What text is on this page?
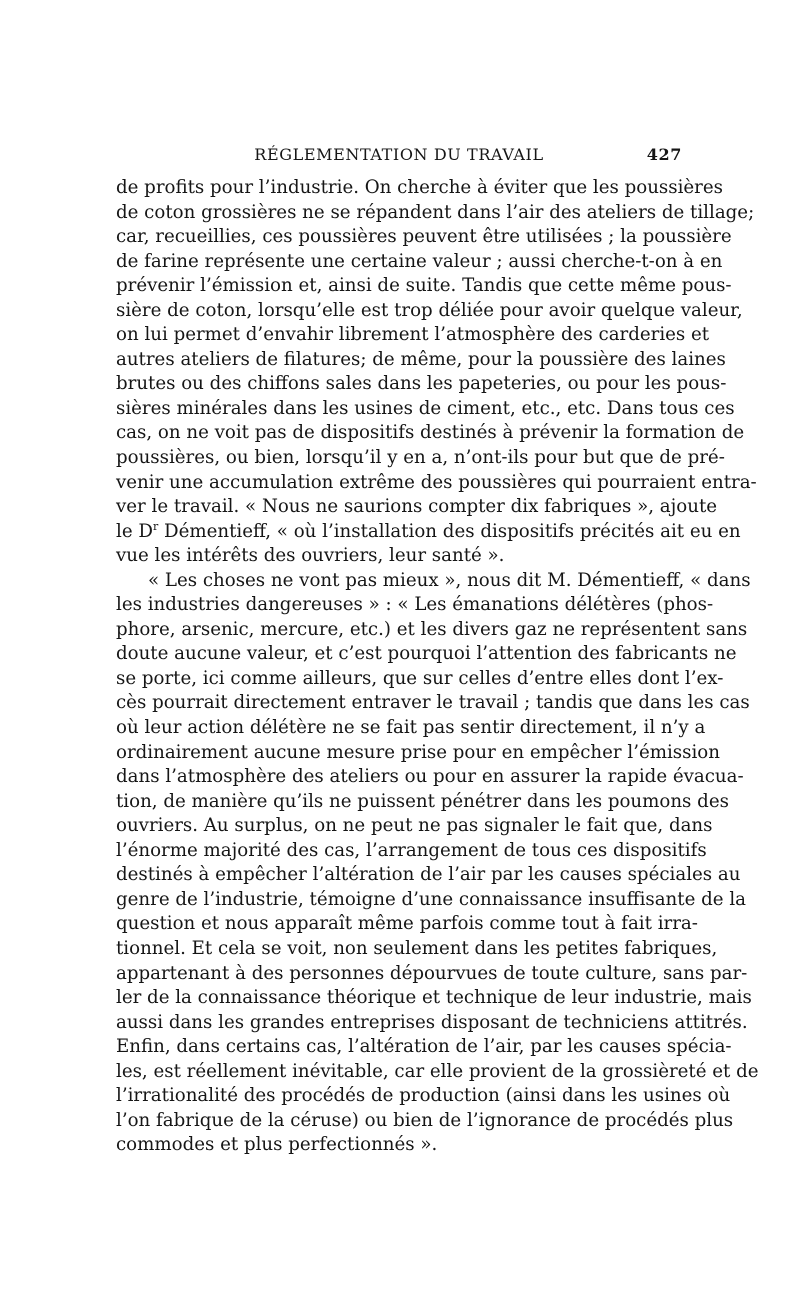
RÉGLEMENTATION DU TRAVAIL	427

de profits pour l’industrie. On cherche à éviter que les poussières
de coton grossières ne se répandent dans l’air des ateliers de tillage;
car, recueillies, ces poussières peuvent être utilisées ; la poussière
de farine représente une certaine valeur ; aussi cherche-t-on à en
prévenir l’émission et, ainsi de suite. Tandis que cette même pous-
sière de coton, lorsqu’elle est trop déliée pour avoir quelque valeur,
on lui permet d’envahir librement l’atmosphère des carderies et
autres ateliers de filatures; de même, pour la poussière des laines
brutes ou des chiffons sales dans les papeteries, ou pour les pous-
sières minérales dans les usines de ciment, etc., etc. Dans tous ces
cas, on ne voit pas de dispositifs destinés à prévenir la formation de
poussières, ou bien, lorsqu’il y en a, n’ont-ils pour but que de pré-
venir une accumulation extrême des poussières qui pourraient entra-
ver le travail. « Nous ne saurions compter dix fabriques », ajoute
le $D^r$ Démentieff, « où l’installation des dispositifs précités ait eu en
vue les intérêts des ouvriers, leur santé ».

« Les choses ne vont pas mieux », nous dit M. Démentieff, « dans
les industries dangereuses » : « Les émanations délétères (phos-
phore, arsenic, mercure, etc.) et les divers gaz ne représentent sans
doute aucune valeur, et c’est pourquoi l’attention des fabricants ne
se porte, ici comme ailleurs, que sur celles d’entre elles dont l’ex-
cès pourrait directement entraver le travail ; tandis que dans les cas
où leur action délétère ne se fait pas sentir directement, il n’y a
ordinairement aucune mesure prise pour en empêcher l’émission
dans l’atmosphère des ateliers ou pour en assurer la rapide évacua-
tion, de manière qu’ils ne puissent pénétrer dans les poumons des
ouvriers. Au surplus, on ne peut ne pas signaler le fait que, dans
l’énorme majorité des cas, l’arrangement de tous ces dispositifs
destinés à empêcher l’altération de l’air par les causes spéciales au
genre de l’industrie, témoigne d’une connaissance insuffisante de la
question et nous apparaît même parfois comme tout à fait irra-
tionnel. Et cela se voit, non seulement dans les petites fabriques,
appartenant à des personnes dépourvues de toute culture, sans par-
ler de la connaissance théorique et technique de leur industrie, mais
aussi dans les grandes entreprises disposant de techniciens attitrés.
Enfin, dans certains cas, l’altération de l’air, par les causes spécia-
les, est réellement inévitable, car elle provient de la grossièreté et de
l’irrationalité des procédés de production (ainsi dans les usines où
l’on fabrique de la céruse) ou bien de l’ignorance de procédés plus
commodes et plus perfectionnés ».
